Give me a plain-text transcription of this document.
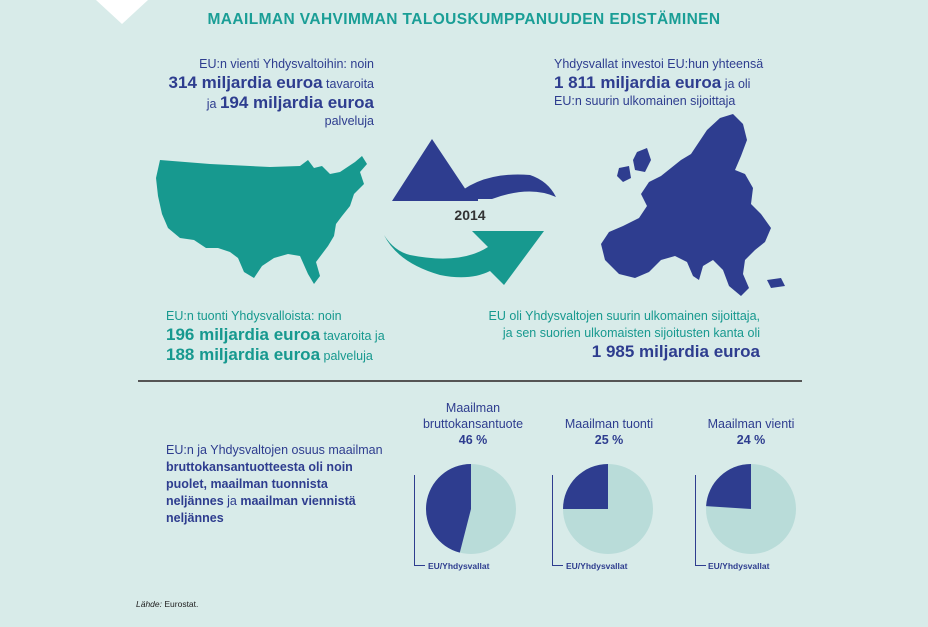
MAAILMAN VAHVIMMAN TALOUSKUMPPANUUDEN EDISTÄMINEN
EU:n vienti Yhdysvaltoihin: noin
314 miljardia euroa tavaroita
ja 194 miljardia euroa
palveluja
Yhdysvallat investoi EU:hun yhteensä
1 811 miljardia euroa ja oli
EU:n suurin ulkomainen sijoittaja
2014
EU:n tuonti Yhdysvalloista: noin
196 miljardia euroa tavaroita ja
188 miljardia euroa palveluja
EU oli Yhdysvaltojen suurin ulkomainen sijoittaja,
ja sen suorien ulkomaisten sijoitusten kanta oli
1 985 miljardia euroa
EU:n ja Yhdysvaltojen osuus maailman
bruttokansantuotteesta oli noin
puolet, maailman tuonnista
neljännes ja maailman viennistä
neljännes
Maailman
bruttokansantuote
46 %
EU/Yhdysvallat
Maailman tuonti
25 %
EU/Yhdysvallat
Maailman vienti
24 %
EU/Yhdysvallat
Lähde: Eurostat.
